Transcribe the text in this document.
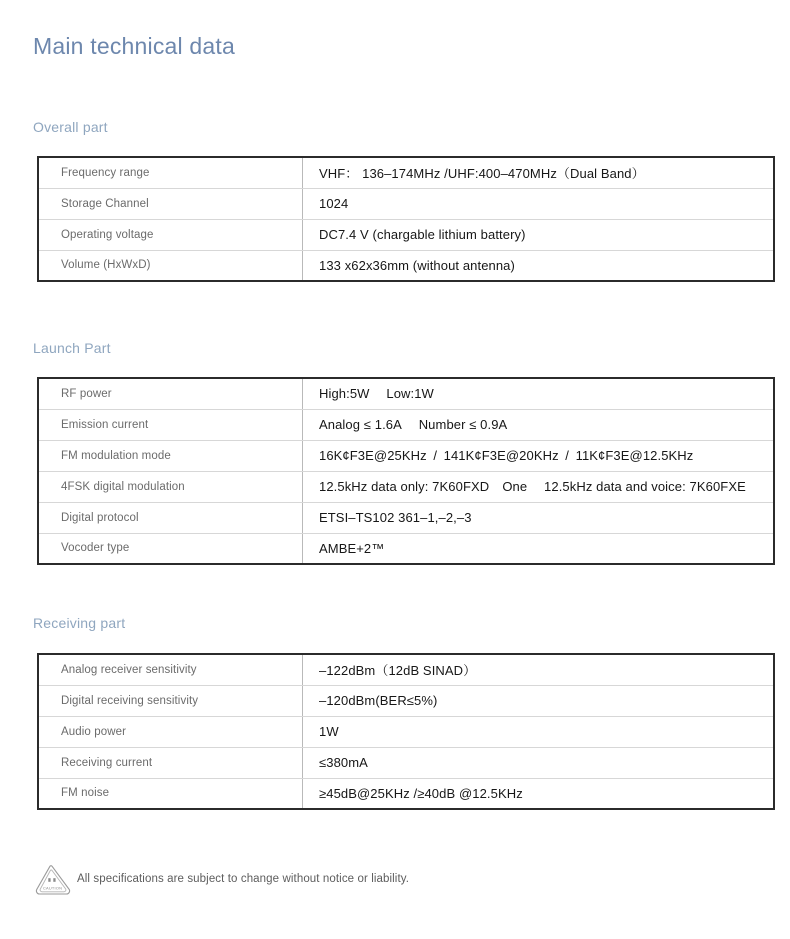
Main technical data
Overall part
Frequency range	VHF： 136–174MHz /UHF:400–470MHz（Dual Band）
Storage Channel	1024
Operating voltage	DC7.4 V (chargable lithium battery)
Volume (HxWxD)	133 x62x36mm (without antenna)
Launch Part
RF power	High:5W  Low:1W
Emission current	Analog ≤ 1.6A  Number ≤ 0.9A
FM modulation mode	16K¢F3E@25KHz / 141K¢F3E@20KHz / 11K¢F3E@12.5KHz
4FSK digital modulation	12.5kHz data only: 7K60FXD One  12.5kHz data and voice: 7K60FXE
Digital protocol	ETSI–TS102 361–1,–2,–3
Vocoder type	AMBE+2™
Receiving part
Analog receiver sensitivity	–122dBm（12dB SINAD）
Digital receiving sensitivity	–120dBm(BER≤5%)
Audio power	1W
Receiving current	≤380mA
FM noise	≥45dB@25KHz /≥40dB @12.5KHz
CAUTION
All specifications are subject to change without notice or liability.
